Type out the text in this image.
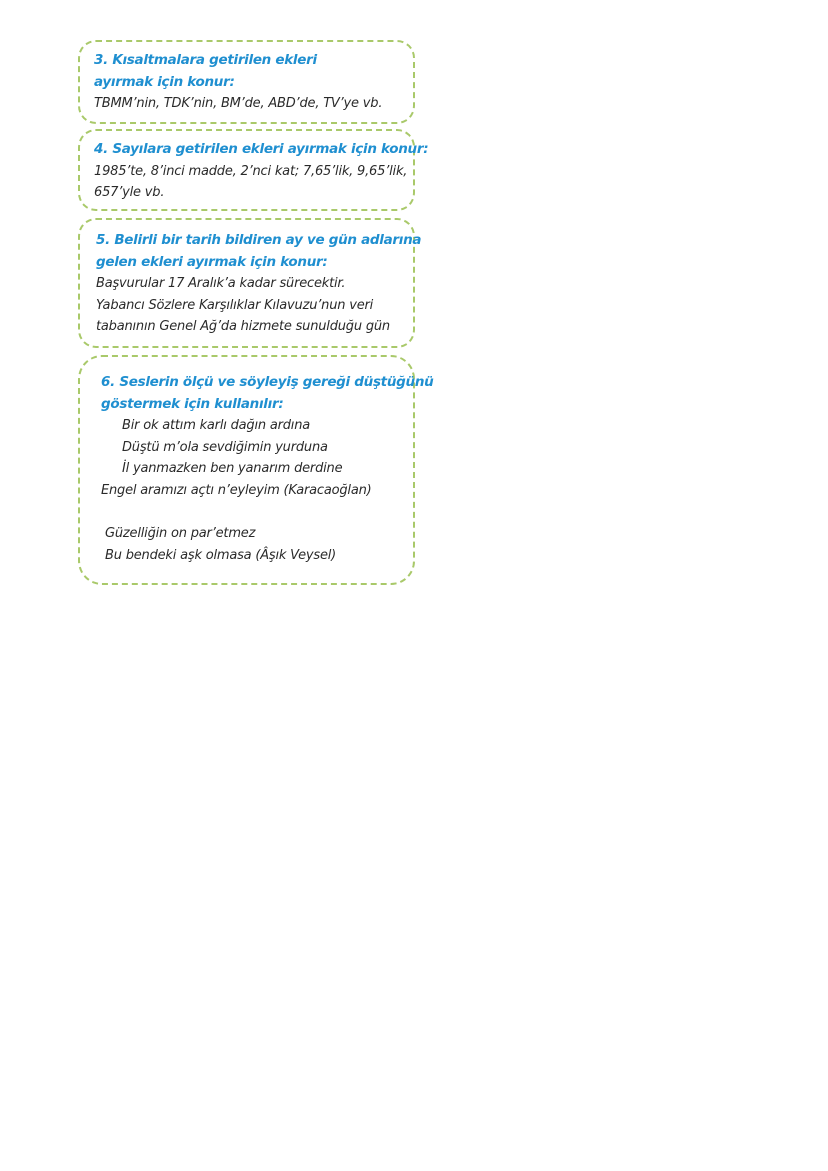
3. Kısaltmalara getirilen ekleri ayırmak için konur:
TBMM’nin, TDK’nin, BM’de, ABD’de, TV’ye vb.
4. Sayılara getirilen ekleri ayırmak için konur:
1985’te, 8’inci madde, 2’nci kat; 7,65’lik, 9,65’lik,
657’yle vb.
5. Belirli bir tarih bildiren ay ve gün adlarına
gelen ekleri ayırmak için konur:
Başvurular 17 Aralık’a kadar sürecektir.
Yabancı Sözlere Karşılıklar Kılavuzu’nun veri
tabanının Genel Ağ’da hizmete sunulduğu gün
6. Seslerin ölçü ve söyleyiş gereği düştüğünü
göstermek için kullanılır:
Bir ok attım karlı dağın ardına
Düştü m’ola sevdiğimin yurduna
İl yanmazken ben yanarım derdine
Engel aramızı açtı n’eyleyim (Karacaoğlan)
Güzelliğin on par’etmez
Bu bendeki aşk olmasa (Âşık Veysel)
